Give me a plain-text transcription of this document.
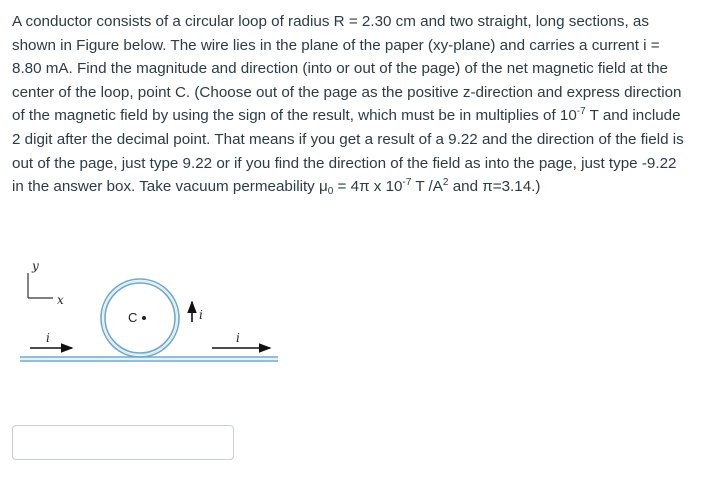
A conductor consists of a circular loop of radius R = 2.30 cm and two straight, long sections, as shown in Figure below. The wire lies in the plane of the paper (xy-plane) and carries a current i = 8.80 mA. Find the magnitude and direction (into or out of the page) of the net magnetic field at the center of the loop, point C. (Choose out of the page as the positive z-direction and express direction of the magnetic field by using the sign of the result, which must be in multiplies of $10^{-7}$ T and include 2 digit after the decimal point. That means if you get a result of a 9.22 and the direction of the field is out of the page, just type 9.22 or if you find the direction of the field as into the page, just type -9.22 in the answer box. Take vacuum permeability $\mu_0 = 4\pi$ x $10^{-7}$ T $/A^2$ and π=3.14.)
y
x
C
i
i
i
